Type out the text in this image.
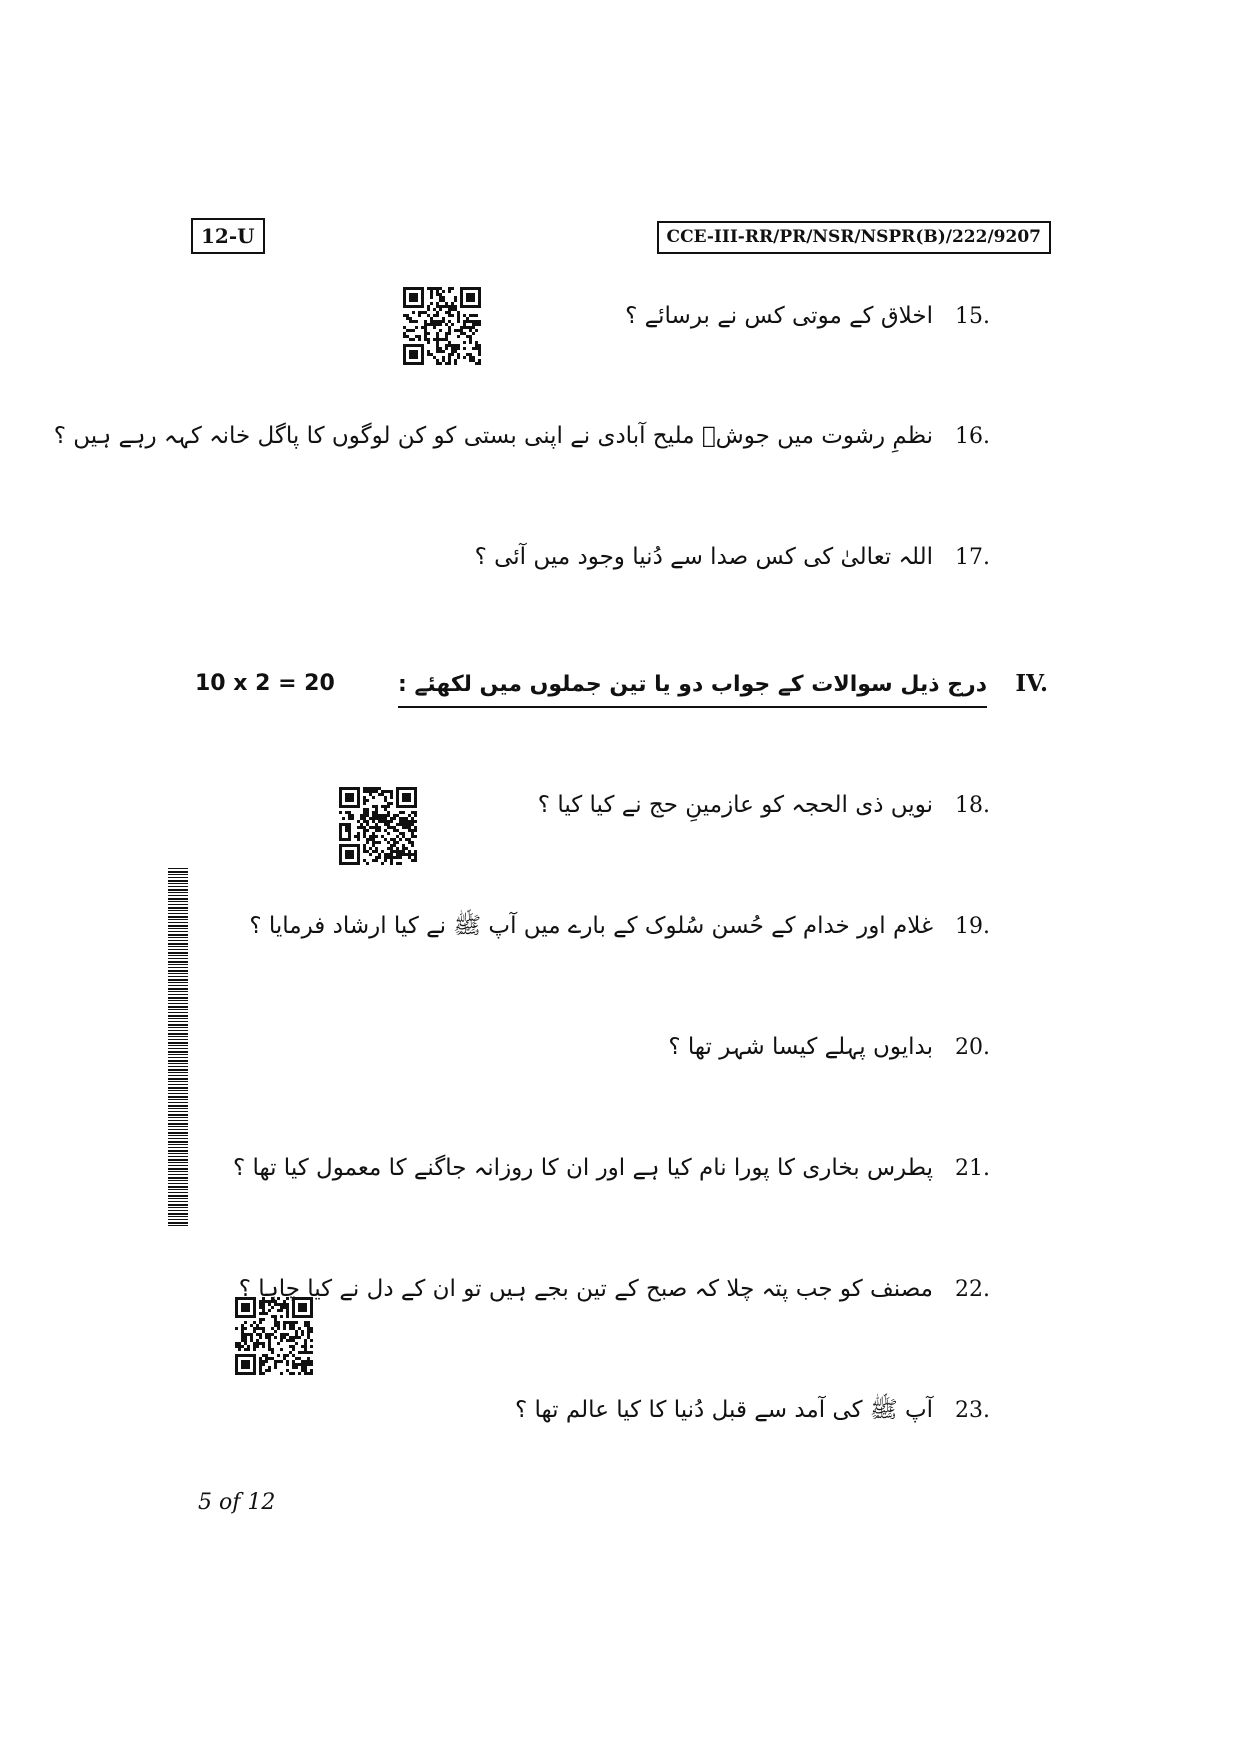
12-U	CCE-III-RR/PR/NSR/NSPR(B)/222/9207
15.اخلاق کے موتی کس نے برسائے ؟
16.نظمِ رشوت میں جوشؔ ملیح آبادی نے اپنی بستی کو کن لوگوں کا پاگل خانہ کہہ رہے ہیں ؟
17.اللہ تعالیٰ کی کس صدا سے دُنیا وجود میں آئی ؟
IV.
درج ذیل سوالات کے جواب دو یا تین جملوں میں لکھئے :
10 x 2 = 20
18.نویں ذی الحجہ کو عازمینِ حج نے کیا کیا ؟
19.غلام اور خدام کے حُسن سُلوک کے بارے میں آپ ﷺ نے کیا ارشاد فرمایا ؟
20.بدایوں پہلے کیسا شہر تھا ؟
21.پطرس بخاری کا پورا نام کیا ہے اور ان کا روزانہ جاگنے کا معمول کیا تھا ؟
22.مصنف کو جب پتہ چلا کہ صبح کے تین بجے ہیں تو ان کے دل نے کیا چاہا ؟
23.آپ ﷺ کی آمد سے قبل دُنیا کا کیا عالم تھا ؟
5 of 12
